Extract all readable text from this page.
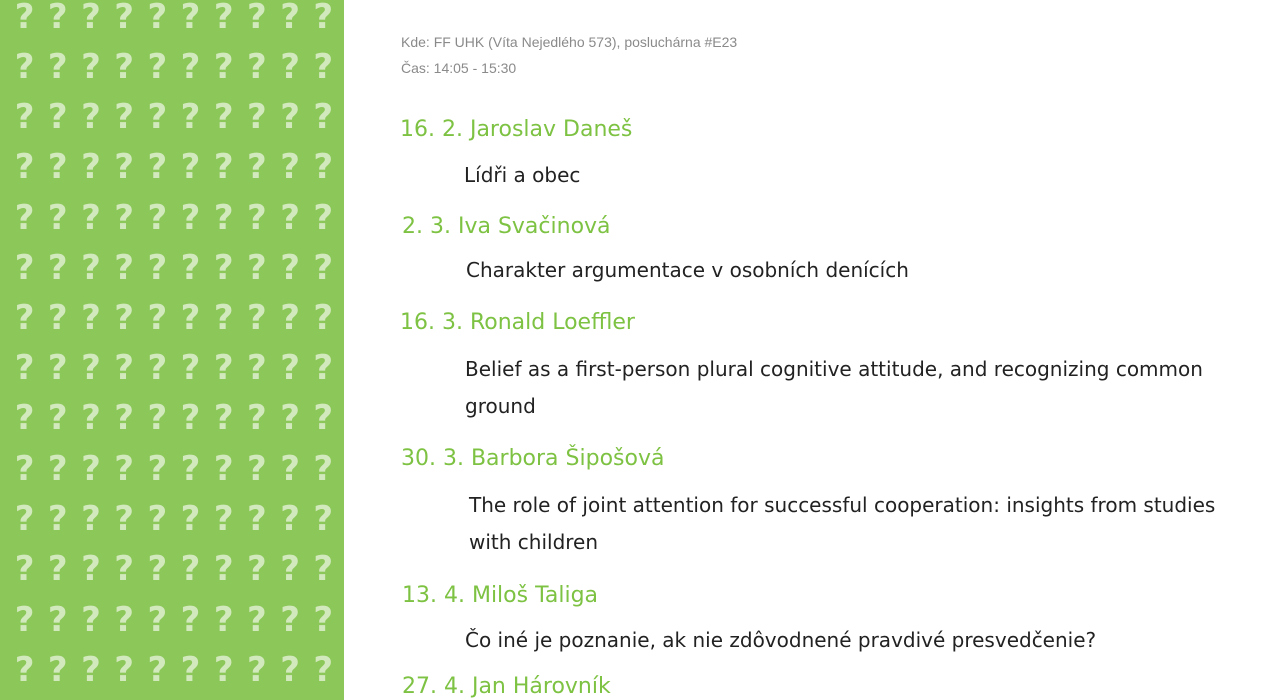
? ? ? ? ? ? ? ? ? ?
? ? ? ? ? ? ? ? ? ?
? ? ? ? ? ? ? ? ? ?
? ? ? ? ? ? ? ? ? ?
? ? ? ? ? ? ? ? ? ?
? ? ? ? ? ? ? ? ? ?
? ? ? ? ? ? ? ? ? ?
? ? ? ? ? ? ? ? ? ?
? ? ? ? ? ? ? ? ? ?
? ? ? ? ? ? ? ? ? ?
? ? ? ? ? ? ? ? ? ?
? ? ? ? ? ? ? ? ? ?
? ? ? ? ? ? ? ? ? ?
? ? ? ? ? ? ? ? ? ?
Kde: FF UHK (Víta Nejedlého 573), posluchárna #E23
Čas: 14:05 - 15:30
16. 2. Jaroslav Daneš
Lídři a obec
2. 3. Iva Svačinová
Charakter argumentace v osobních denících
16. 3. Ronald Loeffler
Belief as a first-person plural cognitive attitude, and recognizing common ground
30. 3. Barbora Šipošová
The role of joint attention for successful cooperation: insights from studies with children
13. 4. Miloš Taliga
Čo iné je poznanie, ak nie zdôvodnené pravdivé presvedčenie?
27. 4. Jan Hárovník
